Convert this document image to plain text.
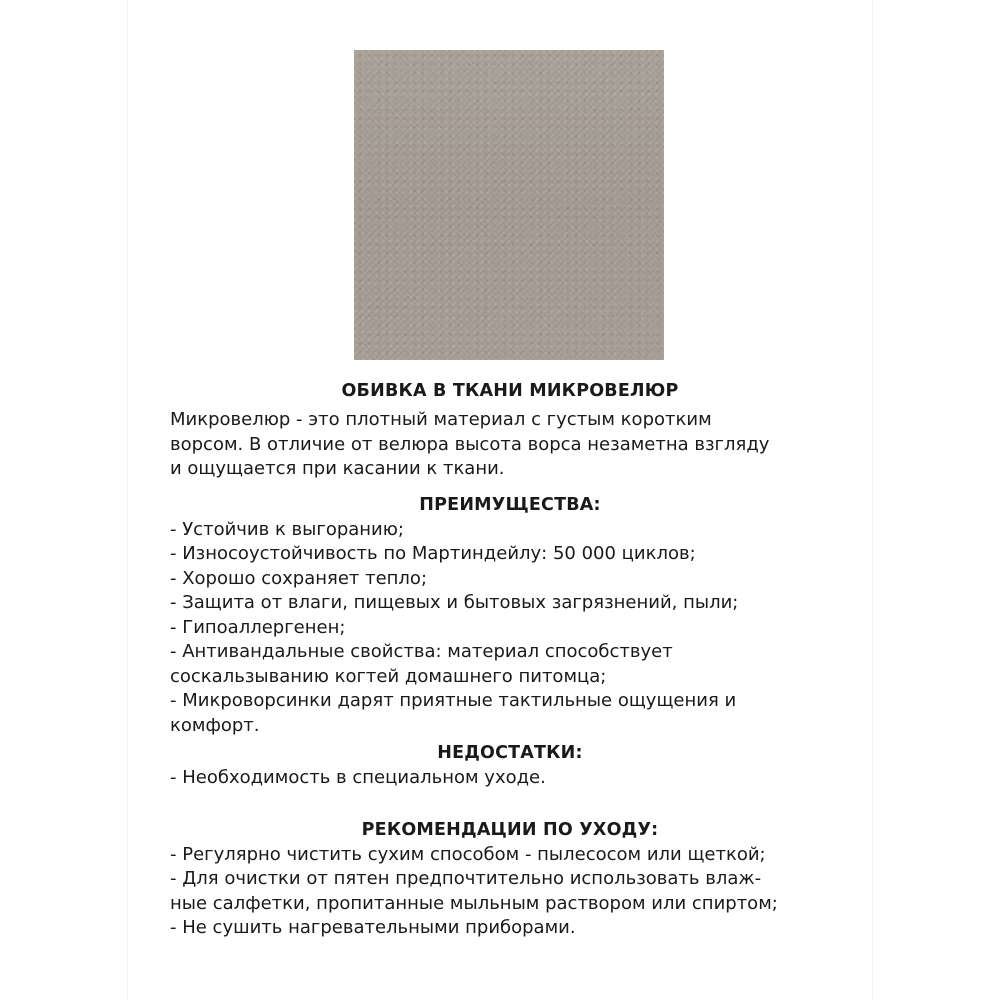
ОБИВКА В ТКАНИ МИКРОВЕЛЮР

Микровелюр - это плотный материал с густым коротким

ворсом. В отличие от велюра высота ворса незаметна взгляду

и ощущается при касании к ткани.

ПРЕИМУЩЕСТВА:
- Устойчив к выгоранию;
- Износоустойчивость по Мартиндейлу: 50 000 циклов;
- Хорошо сохраняет тепло;
- Защита от влаги, пищевых и бытовых загрязнений, пыли;
- Гипоаллергенен;
- Антивандальные свойства: материал способствует
соскальзыванию когтей домашнего питомца;
- Микроворсинки дарят приятные тактильные ощущения и
комфорт.
НЕДОСТАТКИ:
- Необходимость в специальном уходе.
РЕКОМЕНДАЦИИ ПО УХОДУ:
- Регулярно чистить сухим способом - пылесосом или щеткой;
- Для очистки от пятен предпочтительно использовать влаж-
ные салфетки, пропитанные мыльным раствором или спиртом;
- Не сушить нагревательными приборами.
